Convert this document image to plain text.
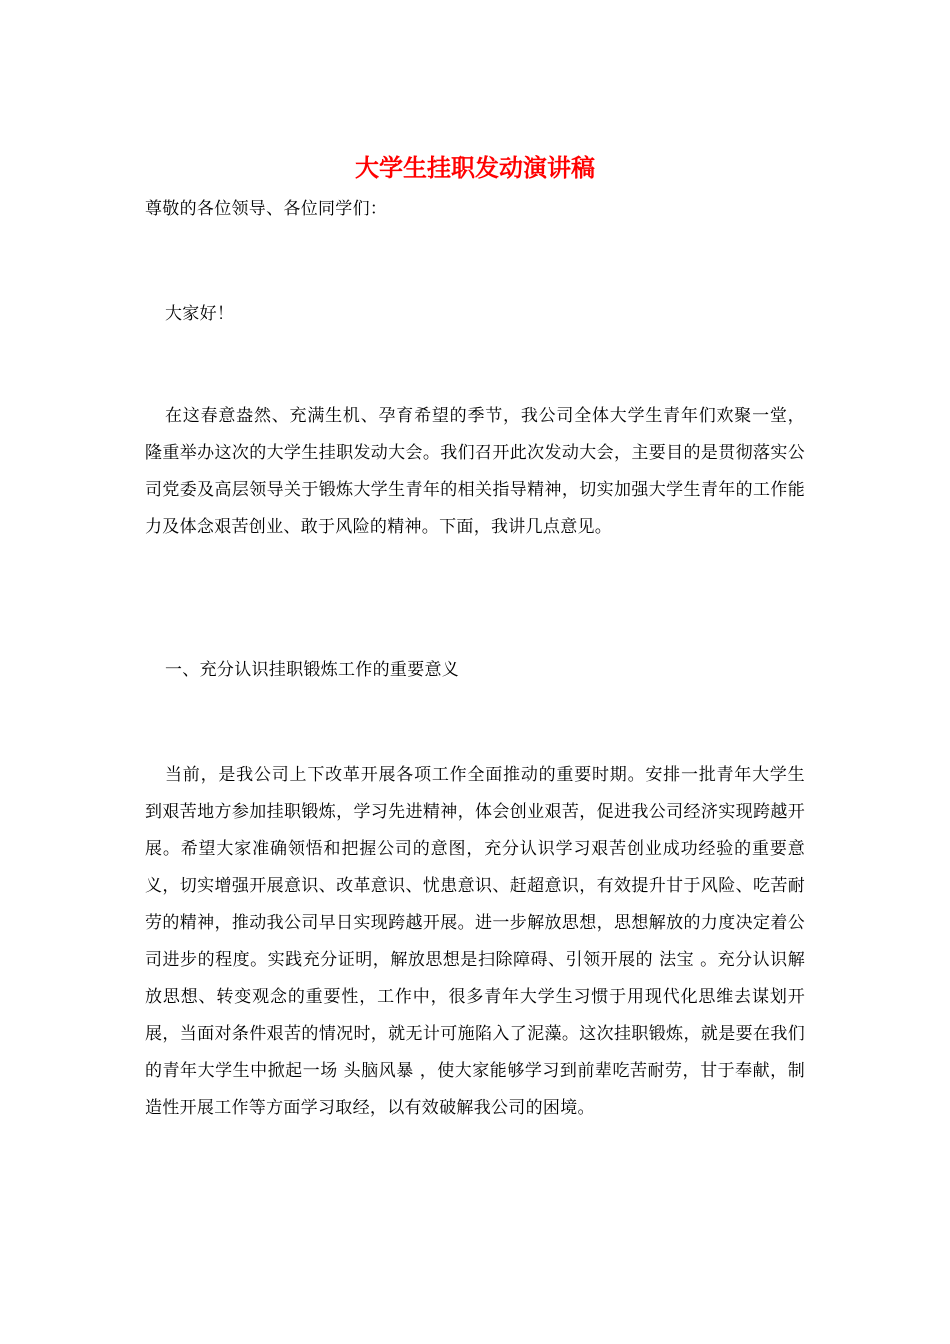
大学生挂职发动演讲稿

尊敬的各位领导、各位同学们：

大家好！

在这春意盎然、充满生机、孕育希望的季节，我公司全体大学生青年们欢聚一堂，隆重举办这次的大学生挂职发动大会。我们召开此次发动大会，主要目的是贯彻落实公司党委及高层领导关于锻炼大学生青年的相关指导精神，切实加强大学生青年的工作能力及体念艰苦创业、敢于风险的精神。下面，我讲几点意见。

一、充分认识挂职锻炼工作的重要意义

当前，是我公司上下改革开展各项工作全面推动的重要时期。安排一批青年大学生到艰苦地方参加挂职锻炼，学习先进精神，体会创业艰苦，促进我公司经济实现跨越开展。希望大家准确领悟和把握公司的意图，充分认识学习艰苦创业成功经验的重要意义，切实增强开展意识、改革意识、忧患意识、赶超意识，有效提升甘于风险、吃苦耐劳的精神，推动我公司早日实现跨越开展。进一步解放思想，思想解放的力度决定着公司进步的程度。实践充分证明，解放思想是扫除障碍、引领开展的 法宝 。充分认识解放思想、转变观念的重要性，工作中，很多青年大学生习惯于用现代化思维去谋划开展，当面对条件艰苦的情况时，就无计可施陷入了泥藻。这次挂职锻炼，就是要在我们的青年大学生中掀起一场 头脑风暴 ，使大家能够学习到前辈吃苦耐劳，甘于奉献，制造性开展工作等方面学习取经，以有效破解我公司的困境。
